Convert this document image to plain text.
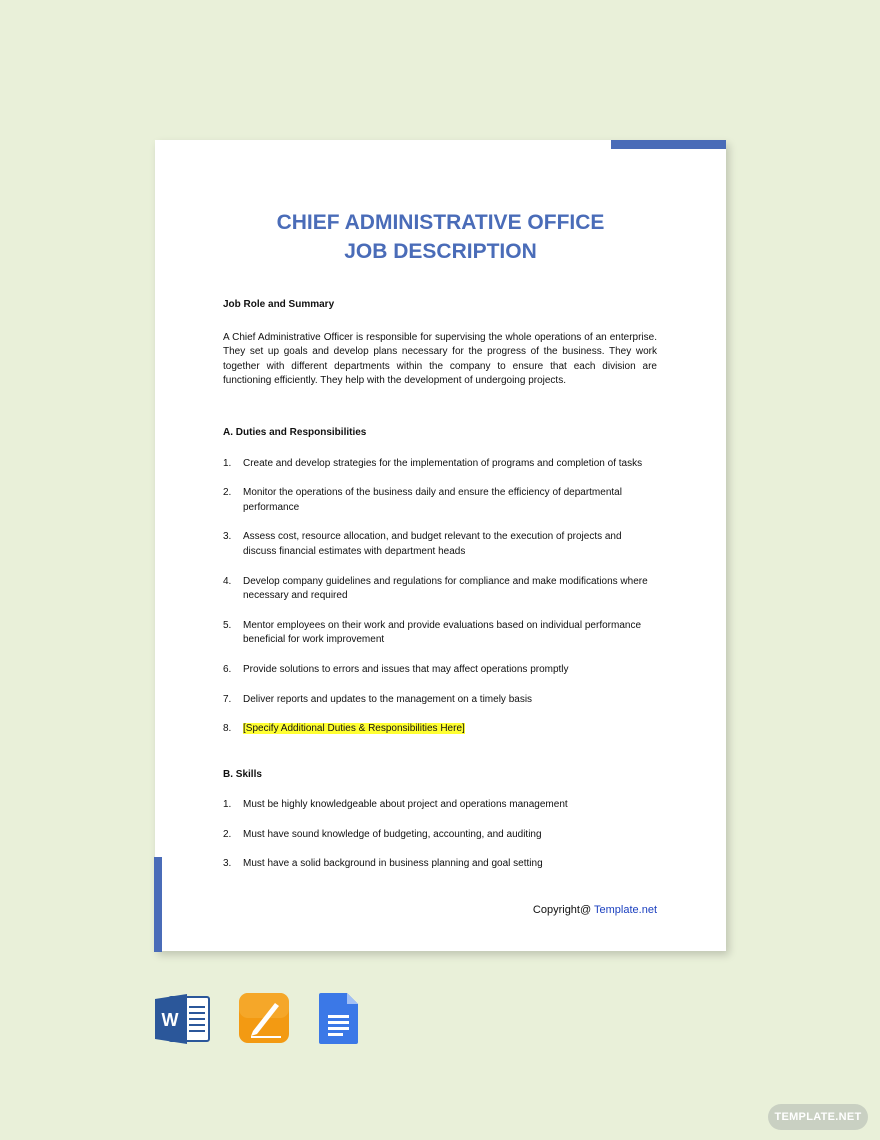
CHIEF ADMINISTRATIVE OFFICE
JOB DESCRIPTION
Job Role and Summary
A Chief Administrative Officer is responsible for supervising the whole operations of an enterprise. They set up goals and develop plans necessary for the progress of the business. They work together with different departments within the company to ensure that each division are functioning efficiently. They help with the development of undergoing projects.
A. Duties and Responsibilities
1.	Create and develop strategies for the implementation of programs and completion of tasks
2.	Monitor the operations of the business daily and ensure the efficiency of departmental performance
3.	Assess cost, resource allocation, and budget relevant to the execution of projects and discuss financial estimates with department heads
4.	Develop company guidelines and regulations for compliance and make modifications where necessary and required
5.	Mentor employees on their work and provide evaluations based on individual performance beneficial for work improvement
6.	Provide solutions to errors and issues that may affect operations promptly
7.	Deliver reports and updates to the management on a timely basis
8.	[Specify Additional Duties & Responsibilities Here]
B. Skills
1.	Must be highly knowledgeable about project and operations management
2.	Must have sound knowledge of budgeting, accounting, and auditing
3.	Must have a solid background in business planning and goal setting
Copyright@ Template.net
W
TEMPLATE.NET
